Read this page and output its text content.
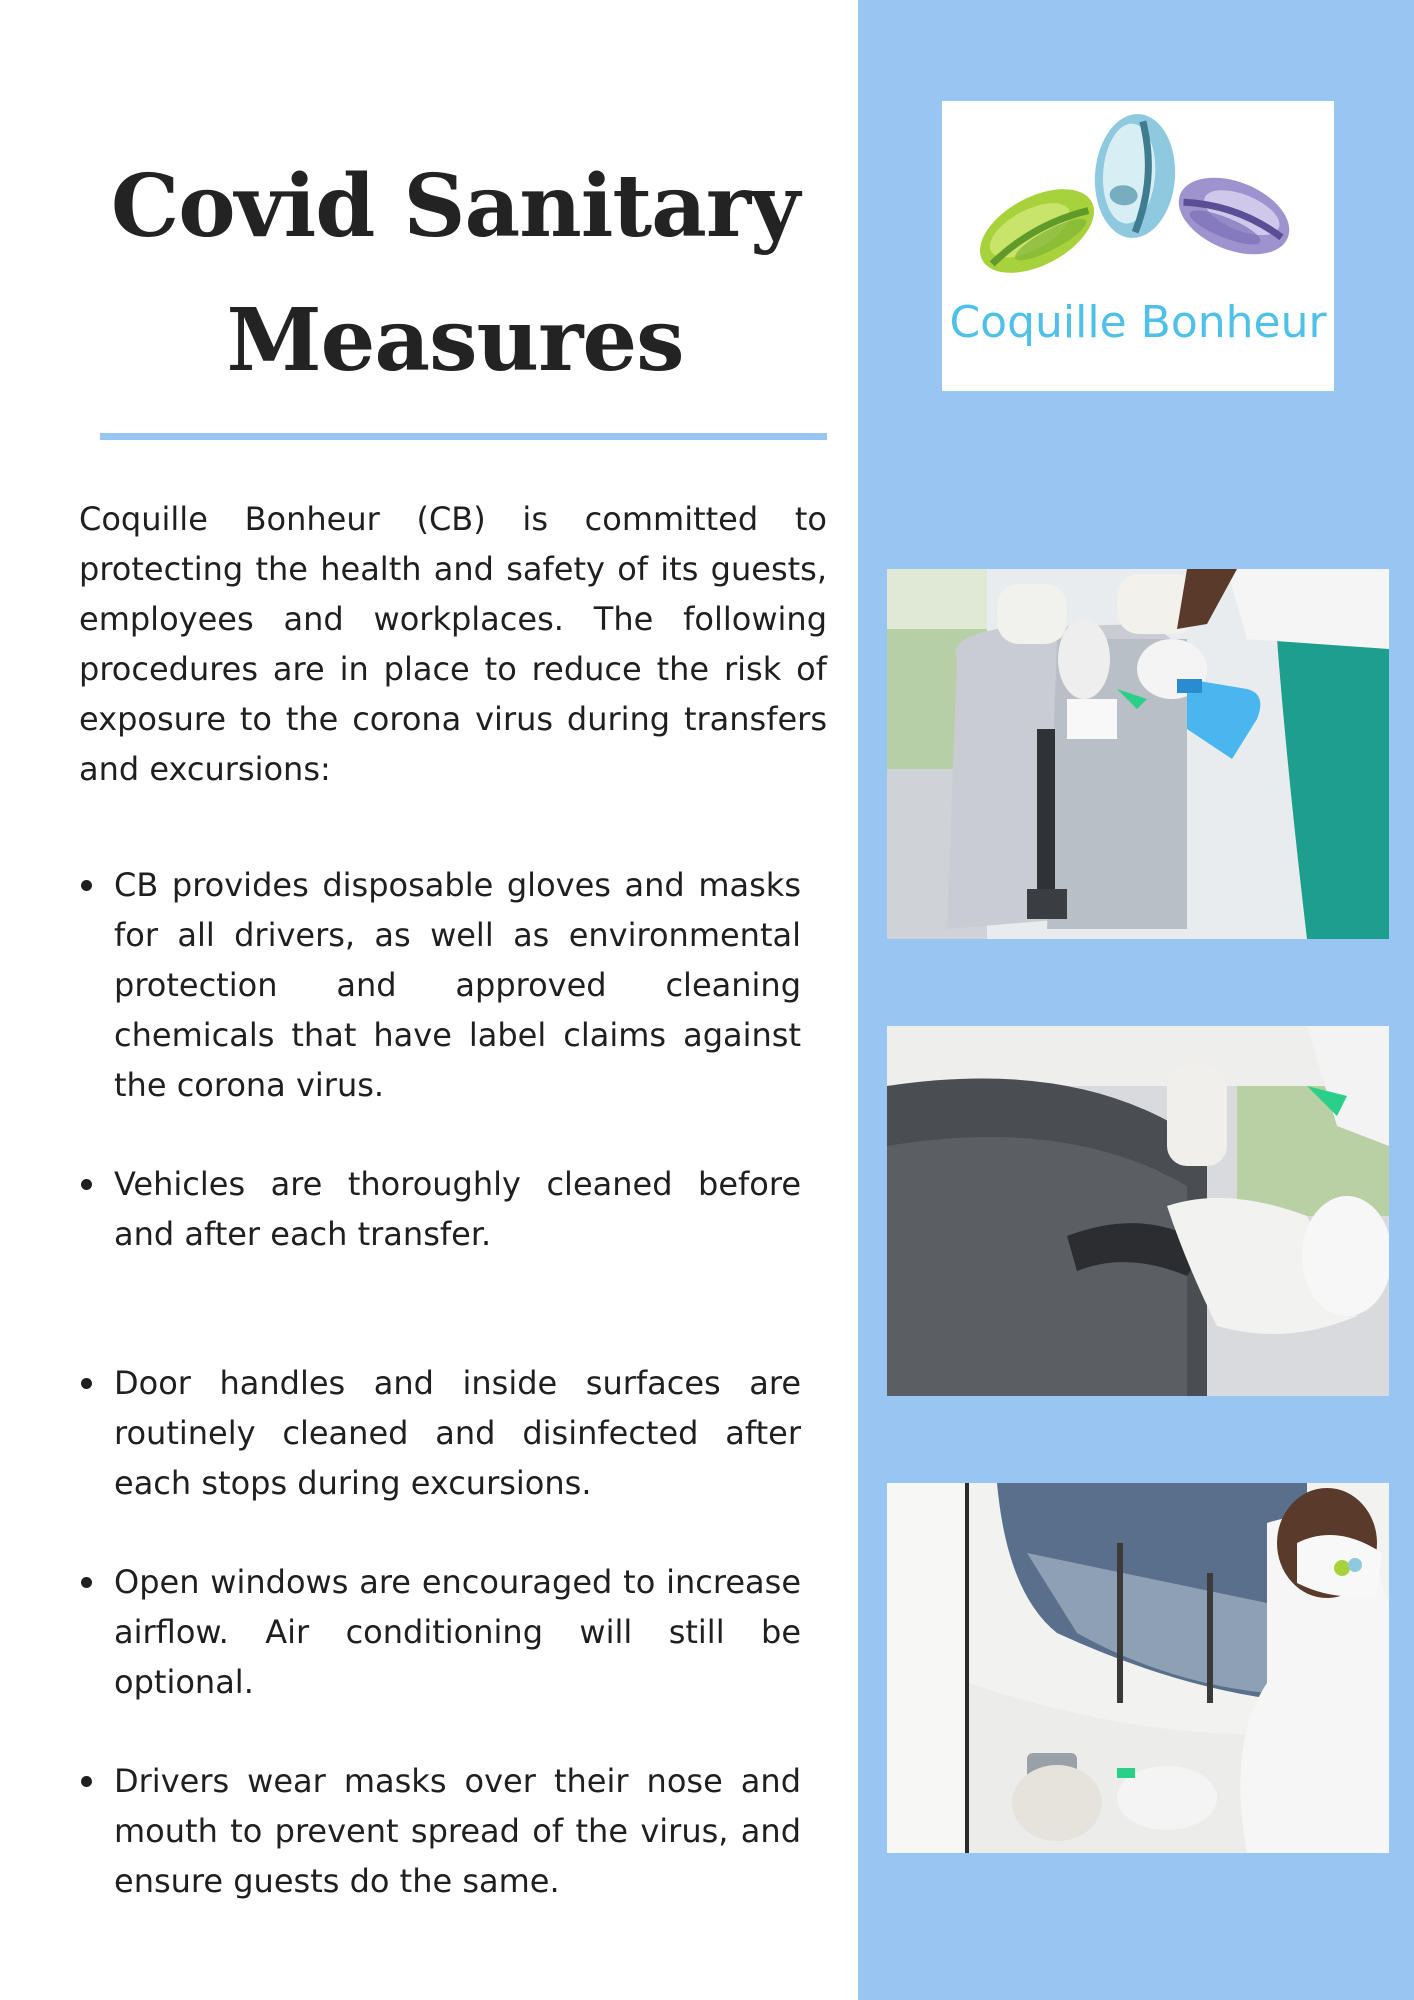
Covid Sanitary Measures

Coquille Bonheur (CB) is committed to protecting the health and safety of its guests, employees and workplaces. The following procedures are in place to reduce the risk of exposure to the corona virus during transfers and excursions:

CB provides disposable gloves and masks for all drivers, as well as environmental protection and approved cleaning chemicals that have label claims against the corona virus.
Vehicles are thoroughly cleaned before and after each transfer.
Door handles and inside surfaces are routinely cleaned and disinfected after each stops during excursions.
Open windows are encouraged to increase airflow. Air conditioning will still be optional.
Drivers wear masks over their nose and mouth to prevent spread of the virus, and ensure guests do the same.
Coquille Bonheur
